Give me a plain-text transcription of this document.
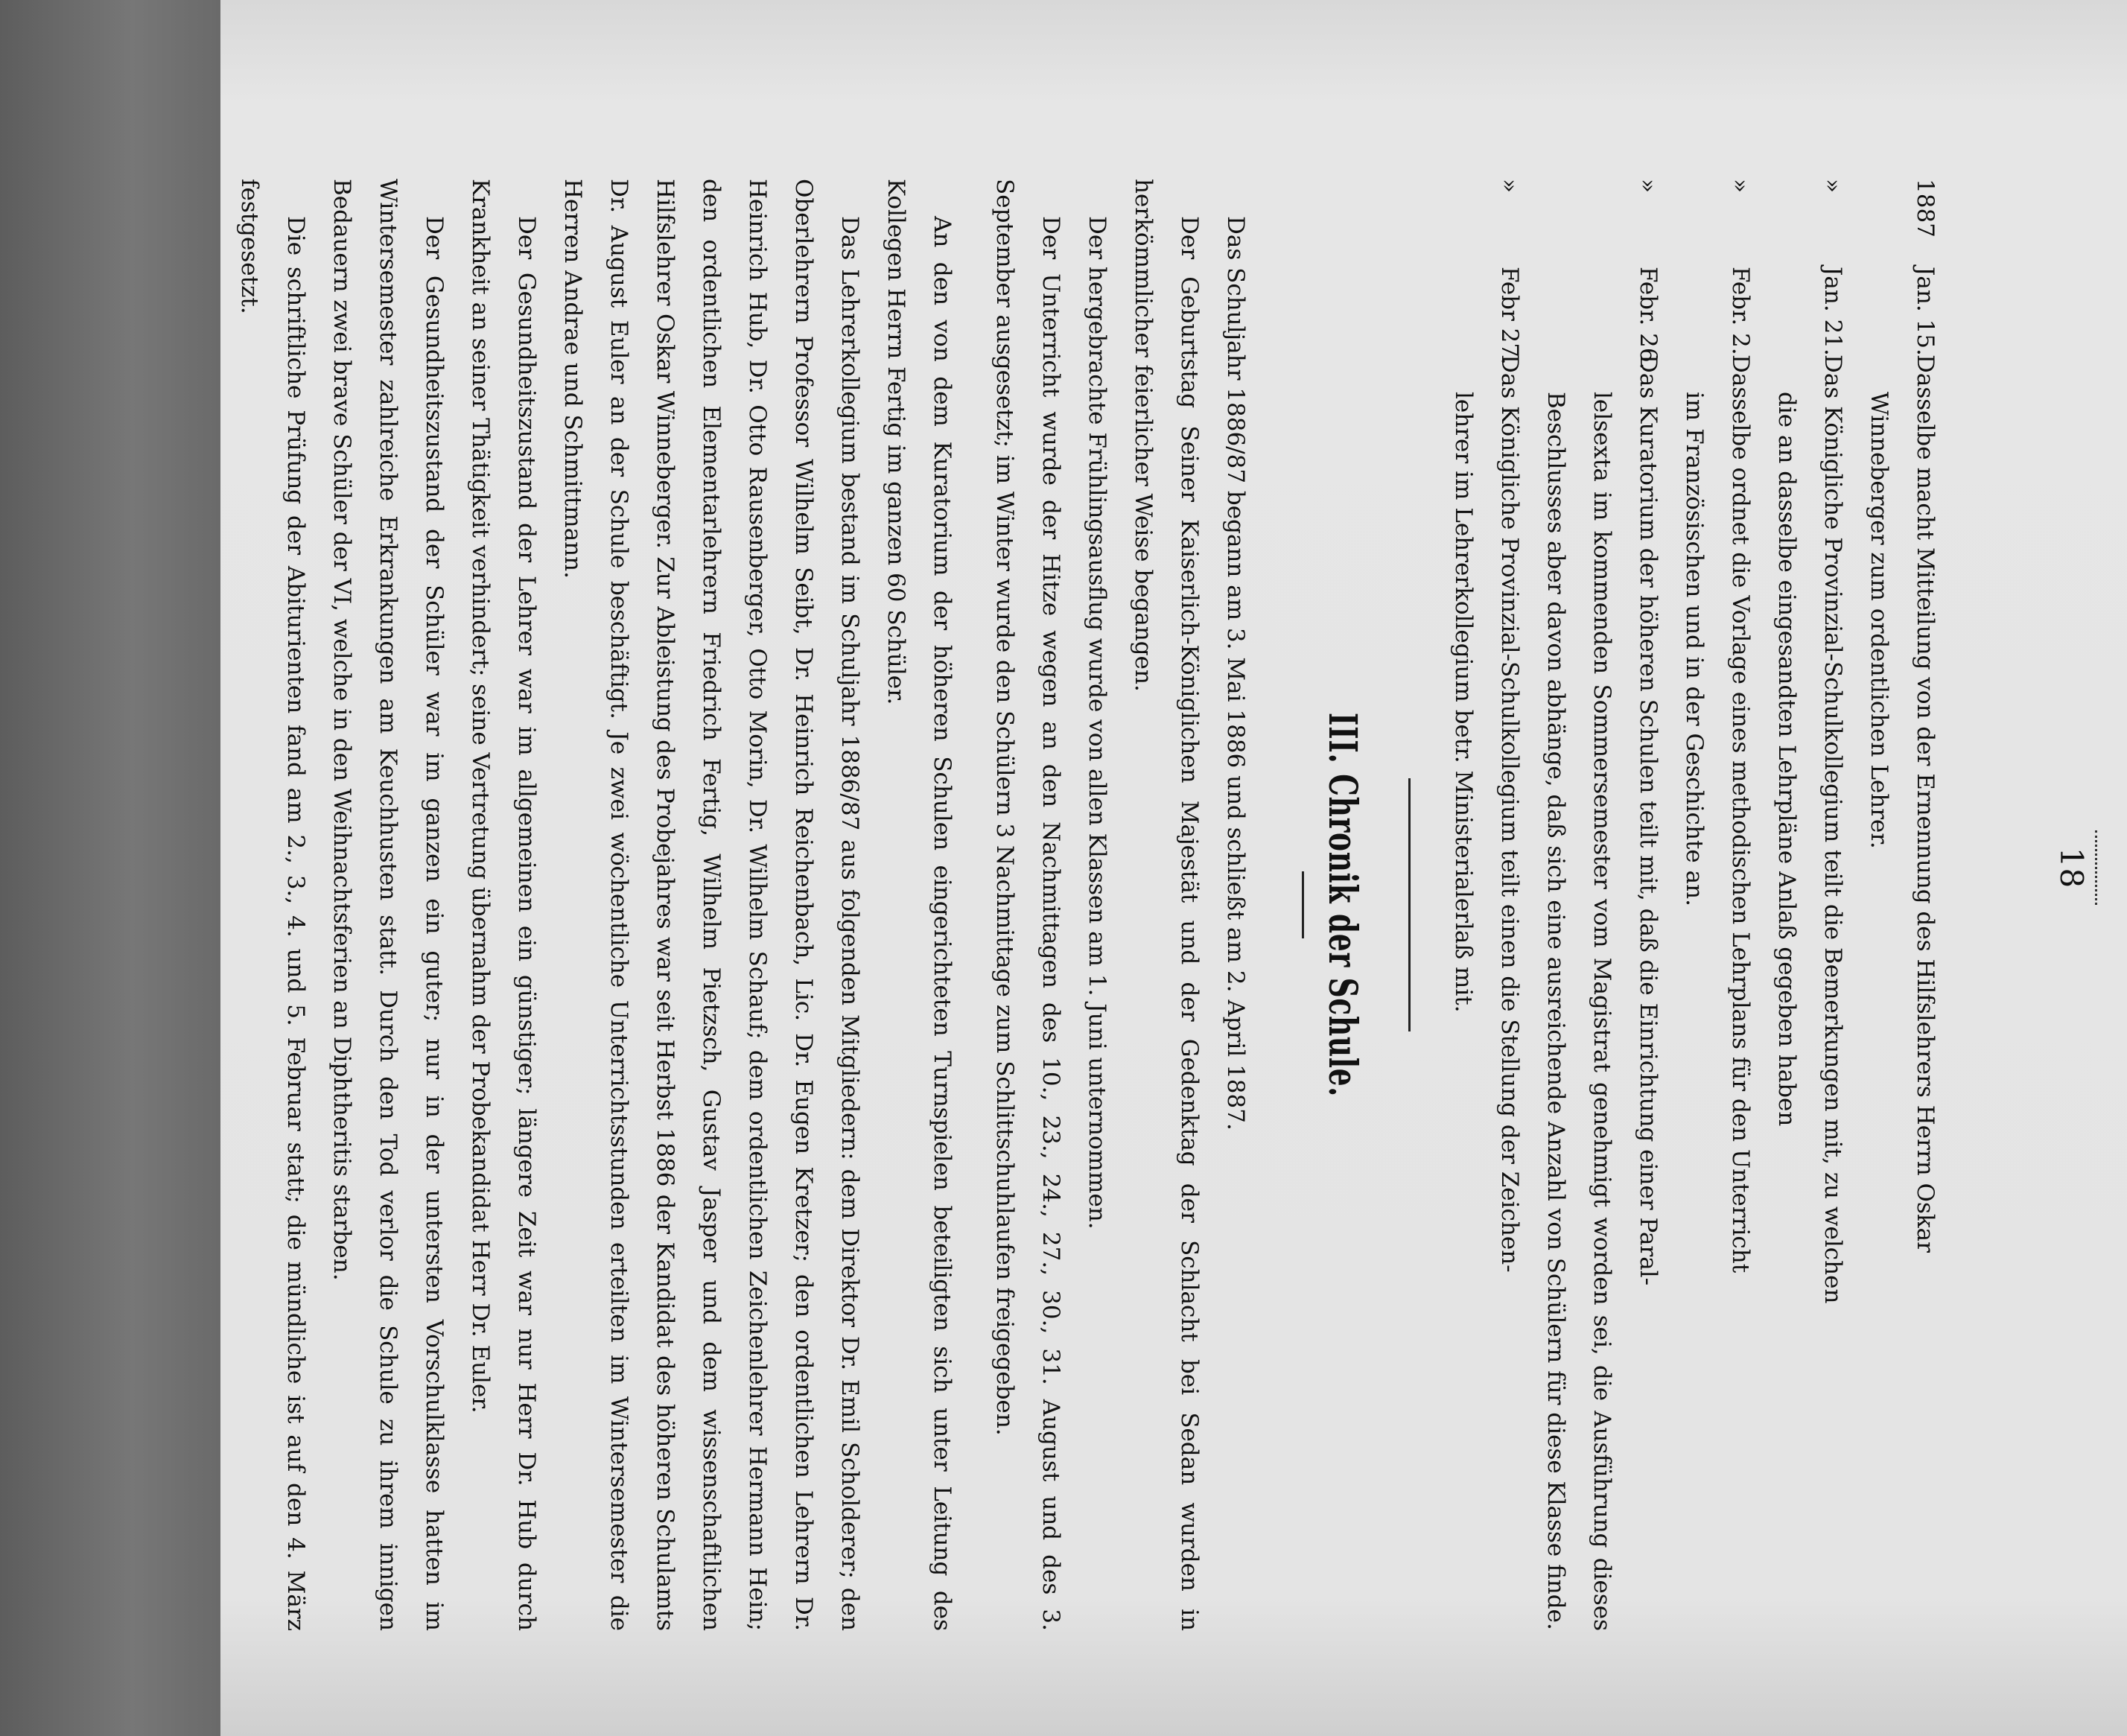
18
1887
Jan. 15.
Dasselbe macht Mitteilung von der Ernennung des Hilfslehrers Herrn Oskar
Winneberger zum ordentlichen Lehrer.
»
Jan. 21.
Das Königliche Provinzial-Schulkollegium teilt die Bemerkungen mit, zu welchen
die an dasselbe eingesandten Lehrpläne Anlaß gegeben haben
»
Febr. 2.
Dasselbe ordnet die Vorlage eines methodischen Lehrplans für den Unterricht
im Französischen und in der Geschichte an.
»
Febr. 26.
Das Kuratorium der höheren Schulen teilt mit, daß die Einrichtung einer Paral-
lelsexta im kommenden Sommersemester vom Magistrat genehmigt worden sei, die Ausführung dieses Beschlusses aber davon abhänge, daß sich eine ausreichende Anzahl von Schülern für diese Klasse finde.
»
Febr 27.
Das Königliche Provinzial-Schulkollegium teilt einen die Stellung der Zeichen-
lehrer im Lehrerkollegium betr. Ministerialerlaß mit.
III. Chronik der Schule.

Das Schuljahr 1886/87 begann am 3. Mai 1886 und schließt am 2. April 1887.

Der Geburtstag Seiner Kaiserlich-Königlichen Majestät und der Gedenktag der Schlacht bei Sedan wurden in herkömmlicher feierlicher Weise begangen.

Der hergebrachte Frühlingsausflug wurde von allen Klassen am 1. Juni unternommen.

Der Unterricht wurde der Hitze wegen an den Nachmittagen des 10., 23., 24., 27., 30., 31. August und des 3. September ausgesetzt; im Winter wurde den Schülern 3 Nachmittage zum Schlittschuhlaufen freigegeben.

An den von dem Kuratorium der höheren Schulen eingerichteten Turnspielen beteiligten sich unter Leitung des Kollegen Herrn Fertig im ganzen 60 Schüler.

Das Lehrerkollegium bestand im Schuljahr 1886/87 aus folgenden Mitgliedern: dem Direktor Dr. Emil Scholderer; den Oberlehrern Professor Wilhelm Seibt, Dr. Heinrich Reichenbach, Lic. Dr. Eugen Kretzer; den ordentlichen Lehrern Dr. Heinrich Hub, Dr. Otto Rausenberger, Otto Morin, Dr. Wilhelm Schauf; dem ordentlichen Zeichenlehrer Hermann Hein; den ordentlichen Elementarlehrern Friedrich Fertig, Wilhelm Pietzsch, Gustav Jasper und dem wissenschaftlichen Hilfslehrer Oskar Winneberger. Zur Ableistung des Probejahres war seit Herbst 1886 der Kandidat des höheren Schulamts Dr. August Euler an der Schule beschäftigt. Je zwei wöchentliche Unterrichtsstunden erteilten im Wintersemester die Herren Andrae und Schmittmann.

Der Gesundheitszustand der Lehrer war im allgemeinen ein günstiger; längere Zeit war nur Herr Dr. Hub durch Krankheit an seiner Thätigkeit verhindert; seine Vertretung übernahm der Probekandidat Herr Dr. Euler.

Der Gesundheitszustand der Schüler war im ganzen ein guter; nur in der untersten Vorschulklasse hatten im Wintersemester zahlreiche Erkrankungen am Keuchhusten statt. Durch den Tod verlor die Schule zu ihrem innigen Bedauern zwei brave Schüler der VI, welche in den Weihnachtsferien an Diphtheritis starben.

Die schriftliche Prüfung der Abiturienten fand am 2., 3., 4. und 5. Februar statt; die mündliche ist auf den 4. März festgesetzt.
